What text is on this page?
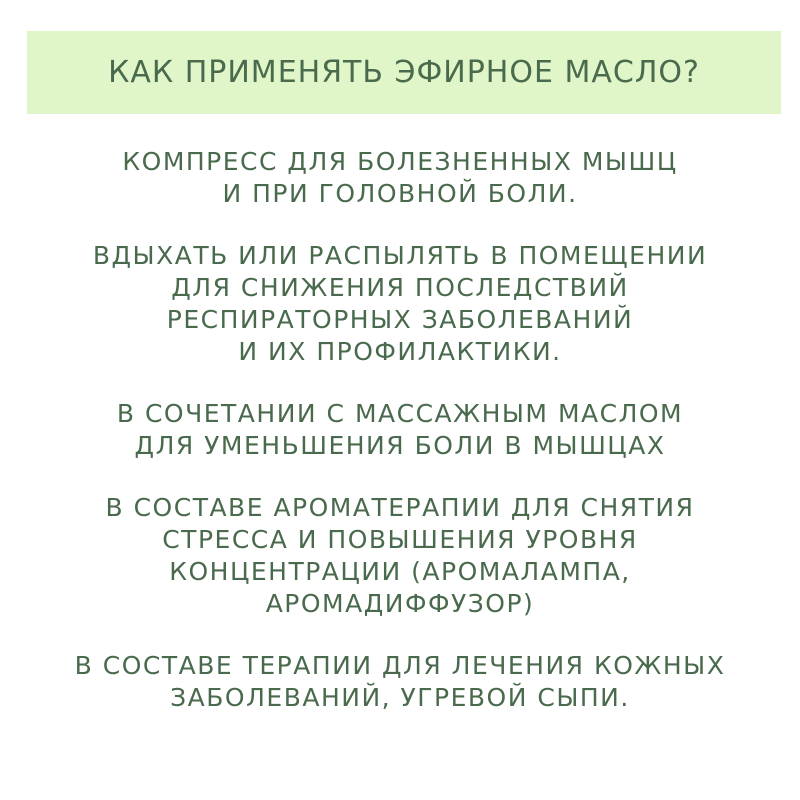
КАК ПРИМЕНЯТЬ ЭФИРНОЕ МАСЛО?
КОМПРЕСС ДЛЯ БОЛЕЗНЕННЫХ МЫШЦ
И ПРИ ГОЛОВНОЙ БОЛИ.
ВДЫХАТЬ ИЛИ РАСПЫЛЯТЬ В ПОМЕЩЕНИИ
ДЛЯ СНИЖЕНИЯ ПОСЛЕДСТВИЙ
РЕСПИРАТОРНЫХ ЗАБОЛЕВАНИЙ
И ИХ ПРОФИЛАКТИКИ.
В СОЧЕТАНИИ С МАССАЖНЫМ МАСЛОМ
ДЛЯ УМЕНЬШЕНИЯ БОЛИ В МЫШЦАХ
В СОСТАВЕ АРОМАТЕРАПИИ ДЛЯ СНЯТИЯ
СТРЕССА И ПОВЫШЕНИЯ УРОВНЯ
КОНЦЕНТРАЦИИ (АРОМАЛАМПА,
АРОМАДИФФУЗОР)
В СОСТАВЕ ТЕРАПИИ ДЛЯ ЛЕЧЕНИЯ КОЖНЫХ
ЗАБОЛЕВАНИЙ, УГРЕВОЙ СЫПИ.
